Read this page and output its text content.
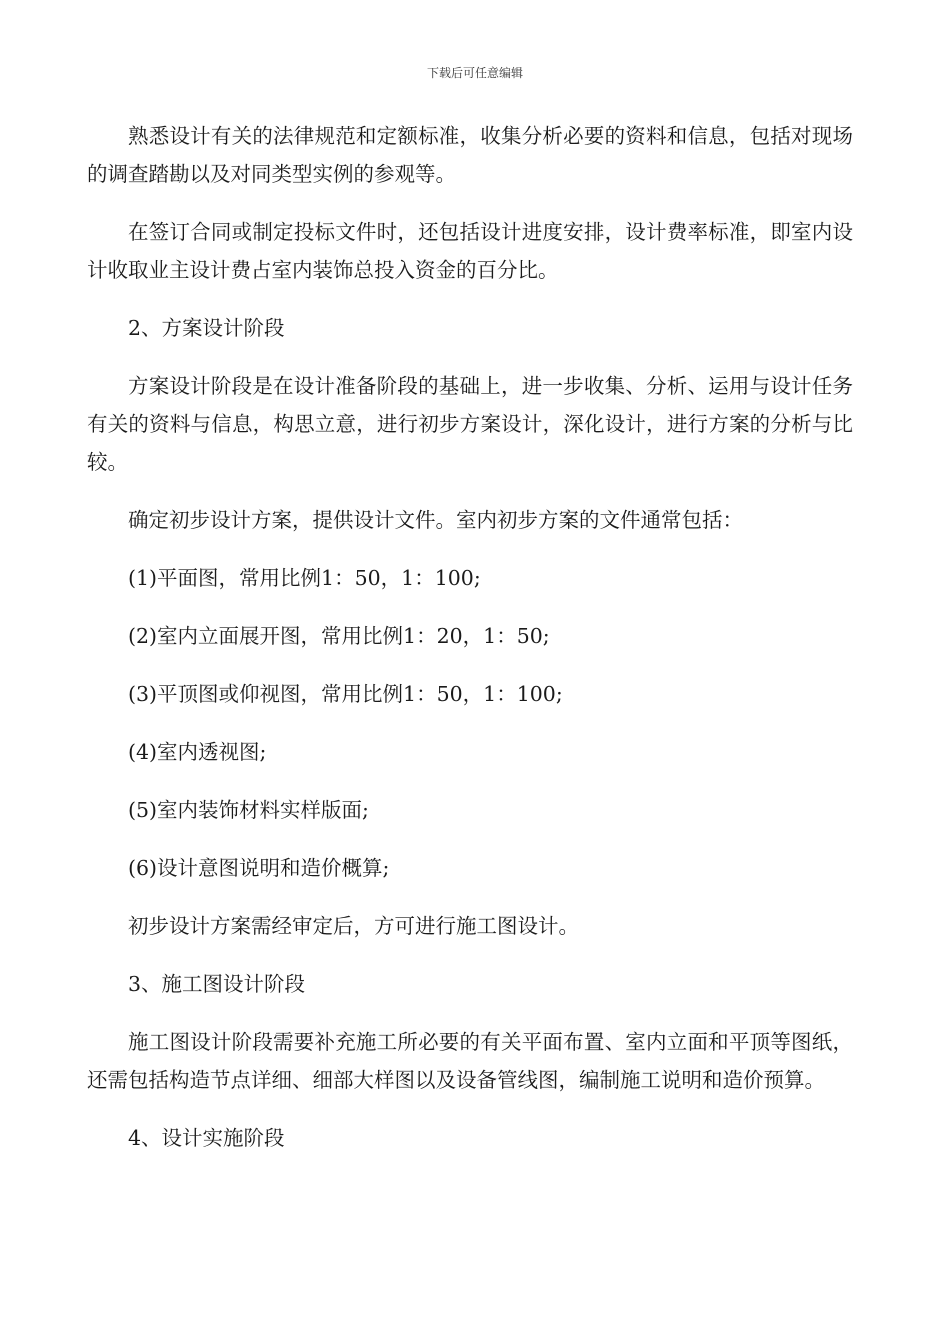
下载后可任意编辑

熟悉设计有关的法律规范和定额标准，收集分析必要的资料和信息，包括对现场的调查踏勘以及对同类型实例的参观等。

在签订合同或制定投标文件时，还包括设计进度安排，设计费率标准，即室内设计收取业主设计费占室内装饰总投入资金的百分比。

2、方案设计阶段

方案设计阶段是在设计准备阶段的基础上，进一步收集、分析、运用与设计任务有关的资料与信息，构思立意，进行初步方案设计，深化设计，进行方案的分析与比较。

确定初步设计方案，提供设计文件。室内初步方案的文件通常包括：

(1)平面图，常用比例1：50，1：100;

(2)室内立面展开图，常用比例1：20，1：50;

(3)平顶图或仰视图，常用比例1：50，1：100;

(4)室内透视图;

(5)室内装饰材料实样版面;

(6)设计意图说明和造价概算;

初步设计方案需经审定后，方可进行施工图设计。

3、施工图设计阶段

施工图设计阶段需要补充施工所必要的有关平面布置、室内立面和平顶等图纸，还需包括构造节点详细、细部大样图以及设备管线图，编制施工说明和造价预算。

4、设计实施阶段
